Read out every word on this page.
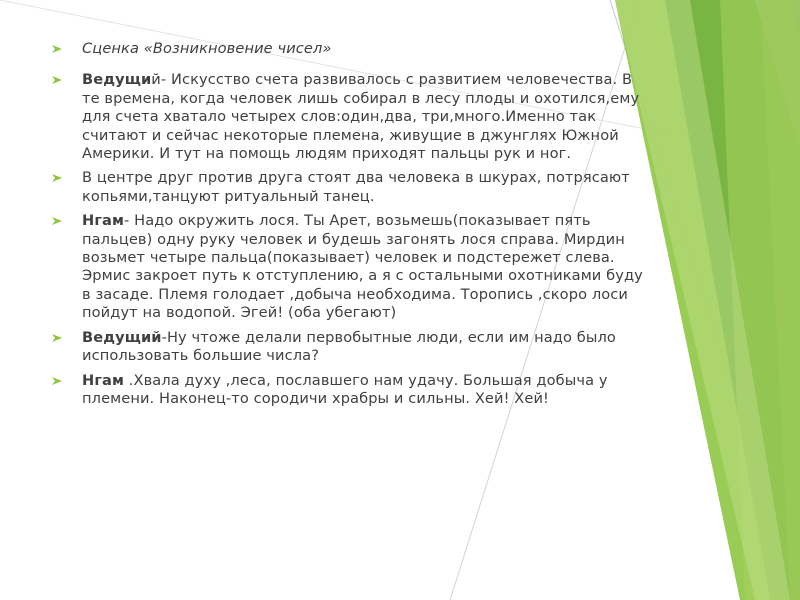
Сценка «Возникновение чисел»
Ведущий- Искусство счета развивалось с развитием человечества. В те времена, когда человек лишь собирал в лесу плоды и охотился,ему для счета хватало четырех слов:один,два, три,много.Именно так считают и сейчас некоторые племена, живущие в джунглях Южной Америки. И тут на помощь людям приходят пальцы рук и ног.
В центре друг против друга стоят два человека в шкурах, потрясают копьями,танцуют ритуальный танец.
Нгам- Надо окружить лося. Ты Арет, возьмешь(показывает пять пальцев) одну руку человек и будешь загонять лося справа. Мирдин возьмет четыре пальца(показывает) человек и подстережет слева. Эрмис закроет путь к отступлению, а я с остальными охотниками буду в засаде. Племя голодает ,добыча необходима. Торопись ,скоро лоси пойдут на водопой. Эгей! (оба убегают)
Ведущий-Ну чтоже делали первобытные люди, если им надо было использовать большие числа?
Нгам .Хвала духу ,леса, пославшего нам удачу. Большая добыча у племени. Наконец-то сородичи храбры и сильны. Хей! Хей!
